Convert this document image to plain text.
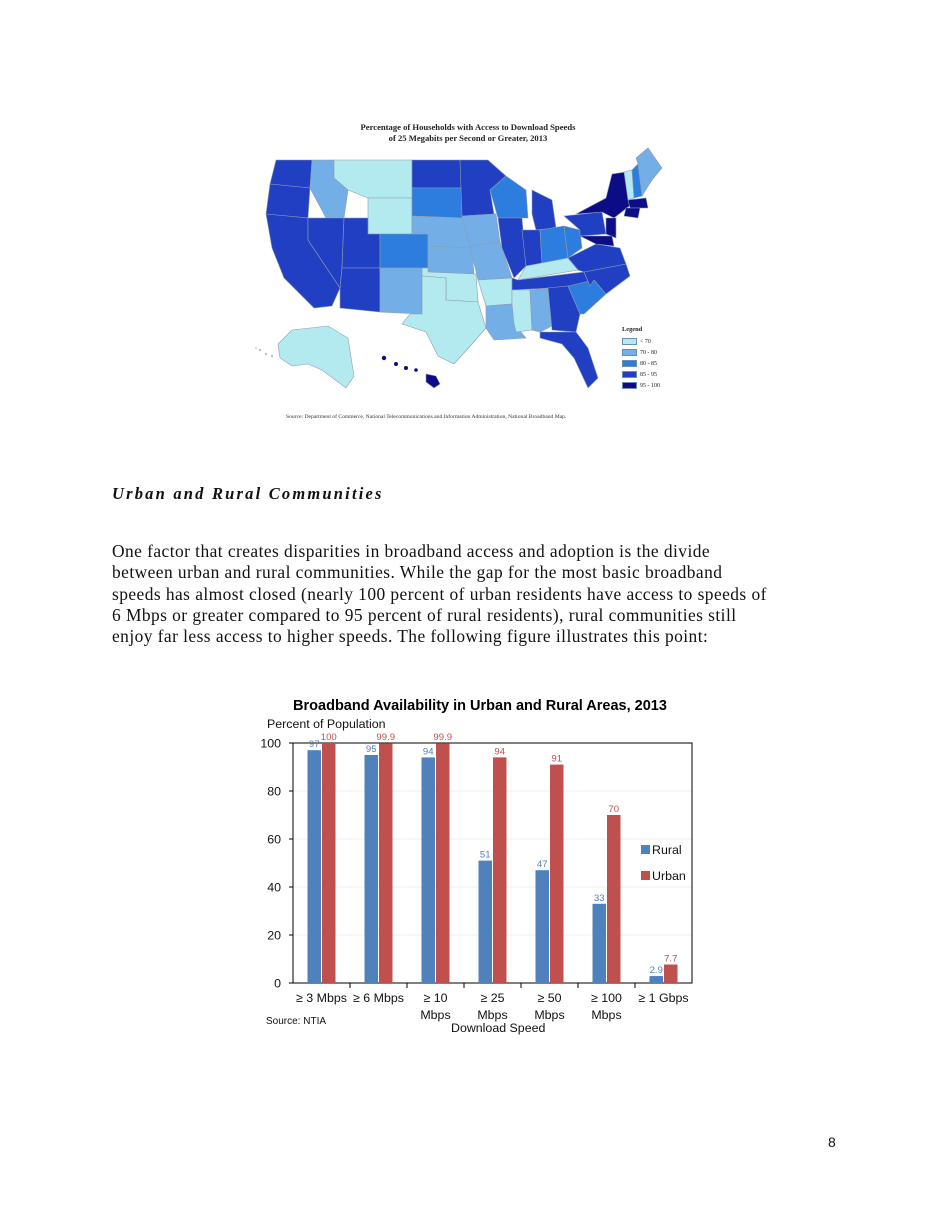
Percentage of Households with Access to Download Speeds
of 25 Megabits per Second or Greater, 2013
Legend
< 70
70 - 80
80 - 85
85 - 95
95 - 100
Source: Department of Commerce, National Telecommunications and Information Administration, National Broadband Map.
Urban and Rural Communities
One factor that creates disparities in broadband access and adoption is the divide
between urban and rural communities. While the gap for the most basic broadband
speeds has almost closed (nearly 100 percent of urban residents have access to speeds of
6 Mbps or greater compared to 95 percent of rural residents), rural communities still
enjoy far less access to higher speeds. The following figure illustrates this point:
Broadband Availability in Urban and Rural Areas, 2013
Percent of Population
0
20
40
60
80
100
≥ 3 Mbps
97
100
≥ 6 Mbps
95
99.9
≥ 10
Mbps
94
99.9
≥ 25
Mbps
51
94
≥ 50
Mbps
47
91
≥ 100
Mbps
33
70
≥ 1 Gbps
2.9
7.7
Rural
Urban
Source: NTIA	Download Speed
8
